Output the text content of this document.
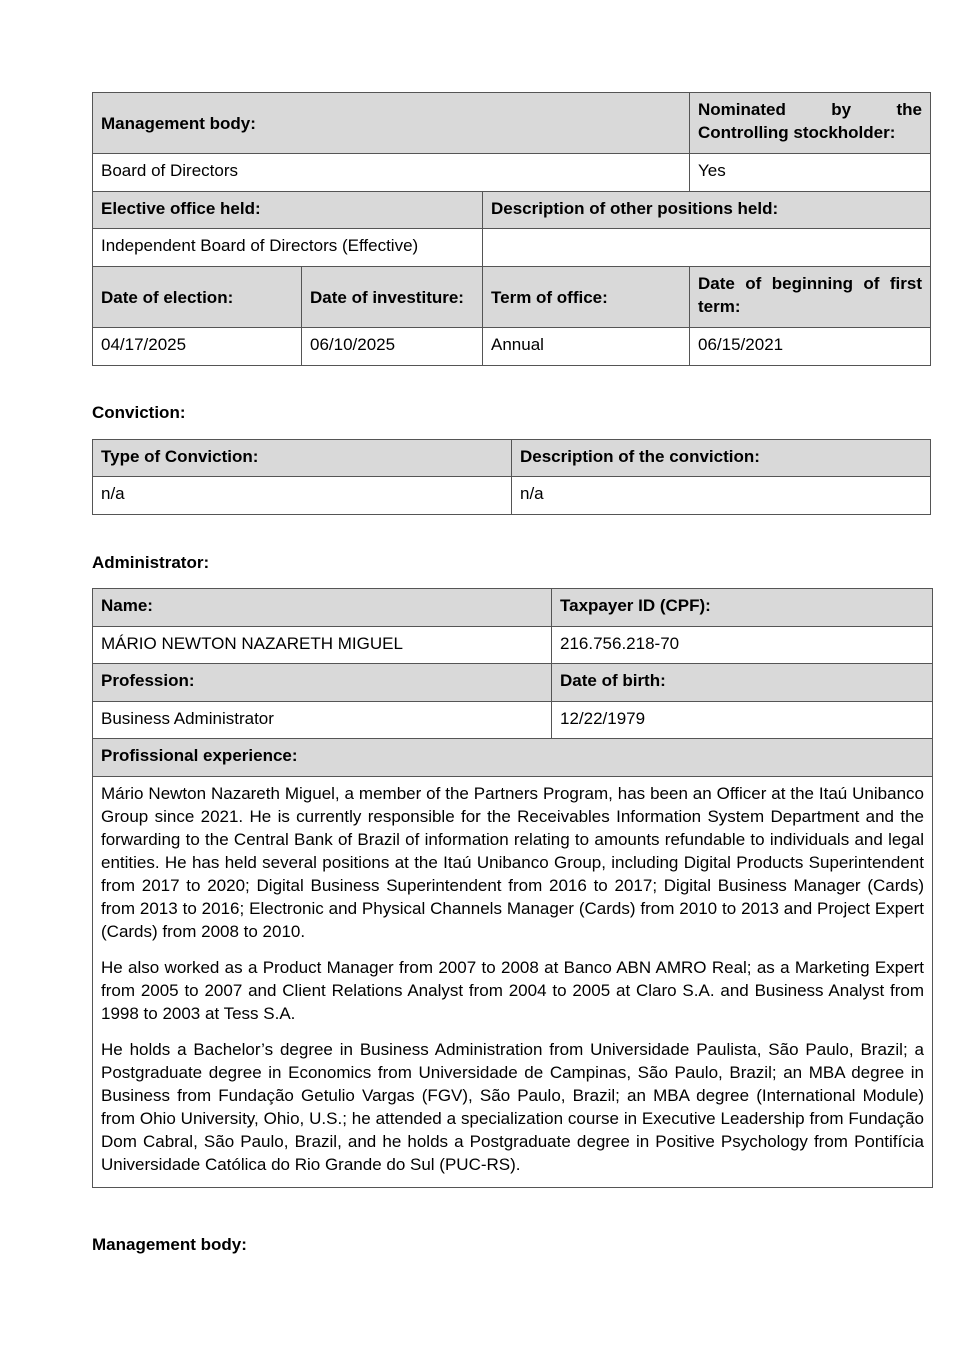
Management body:			Nominated by the Controlling stockholder:
Board of Directors			Yes
Elective office held:		Description of other positions held:	
Independent Board of Directors (Effective)			
Date of election:	Date of investiture:	Term of office:	Date of beginning of first term:
04/17/2025	06/10/2025	Annual	06/15/2021

Conviction:

Type of Conviction:	Description of the conviction:
n/a	n/a

Administrator:

Name:	Taxpayer ID (CPF):
MÁRIO NEWTON NAZARETH MIGUEL	216.756.218-70
Profession:	Date of birth:
Business Administrator	12/22/1979
Profissional experience:	

Mário Newton Nazareth Miguel, a member of the Partners Program, has been an Officer at the Itaú Unibanco Group since 2021. He is currently responsible for the Receivables Information System Department and the forwarding to the Central Bank of Brazil of information relating to amounts refundable to individuals and legal entities. He has held several positions at the Itaú Unibanco Group, including Digital Products Superintendent from 2017 to 2020; Digital Business Superintendent from 2016 to 2017; Digital Business Manager (Cards) from 2013 to 2016; Electronic and Physical Channels Manager (Cards) from 2010 to 2013 and Project Expert (Cards) from 2008 to 2010.

He also worked as a Product Manager from 2007 to 2008 at Banco ABN AMRO Real; as a Marketing Expert from 2005 to 2007 and Client Relations Analyst from 2004 to 2005 at Claro S.A. and Business Analyst from 1998 to 2003 at Tess S.A.

He holds a Bachelor’s degree in Business Administration from Universidade Paulista, São Paulo, Brazil; a Postgraduate degree in Economics from Universidade de Campinas, São Paulo, Brazil; an MBA degree in Business from Fundação Getulio Vargas (FGV), São Paulo, Brazil; an MBA degree (International Module) from Ohio University, Ohio, U.S.; he attended a specialization course in Executive Leadership from Fundação Dom Cabral, São Paulo, Brazil, and he holds a Postgraduate degree in Positive Psychology from Pontifícia Universidade Católica do Rio Grande do Sul (PUC-RS).	

Management body:
